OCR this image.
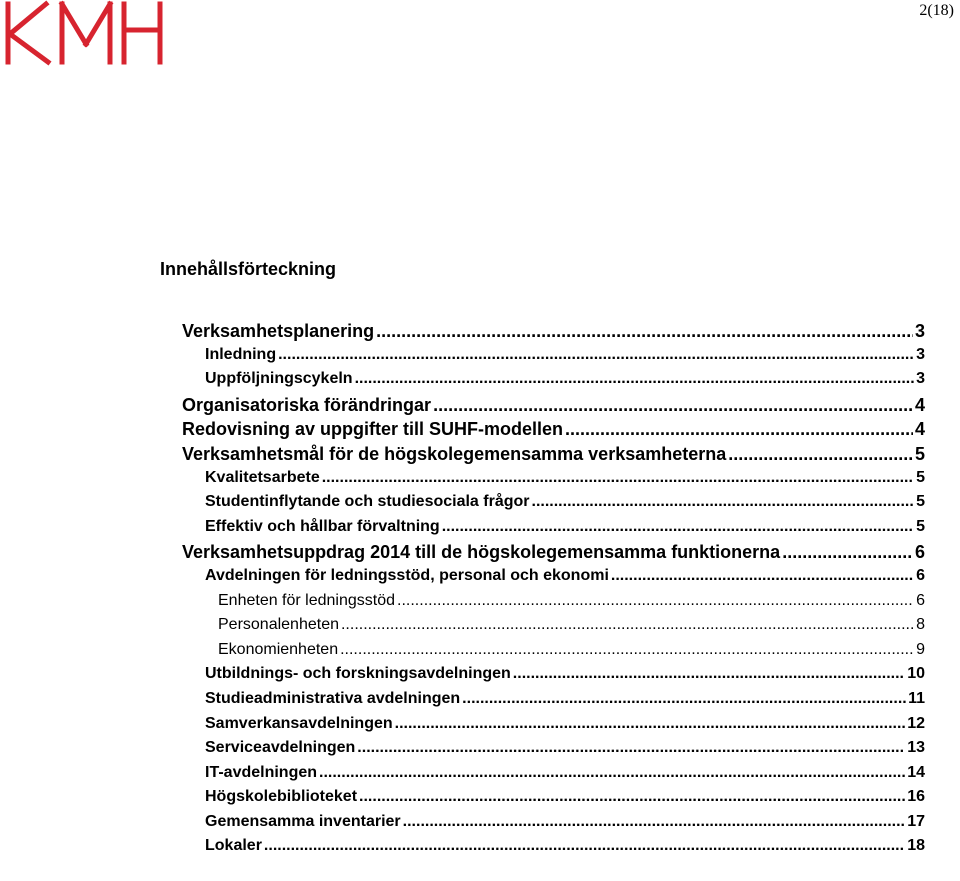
2(18)
Innehållsförteckning
Verksamhetsplanering .....	3
Inledning .....	3
Uppföljningscykeln .....	3
Organisatoriska förändringar .....	4
Redovisning av uppgifter till SUHF-modellen .....	4
Verksamhetsmål för de högskolegemensamma verksamheterna .....	5
Kvalitetsarbete .....	5
Studentinflytande och studiesociala frågor .....	5
Effektiv och hållbar förvaltning .....	5
Verksamhetsuppdrag 2014 till de högskolegemensamma funktionerna .....	6
Avdelningen för ledningsstöd, personal och ekonomi .....	6
Enheten för ledningsstöd .....	6
Personalenheten .....	8
Ekonomienheten .....	9
Utbildnings- och forskningsavdelningen .....	10
Studieadministrativa avdelningen .....	11
Samverkansavdelningen .....	12
Serviceavdelningen .....	13
IT-avdelningen .....	14
Högskolebiblioteket .....	16
Gemensamma inventarier .....	17
Lokaler .....	18
